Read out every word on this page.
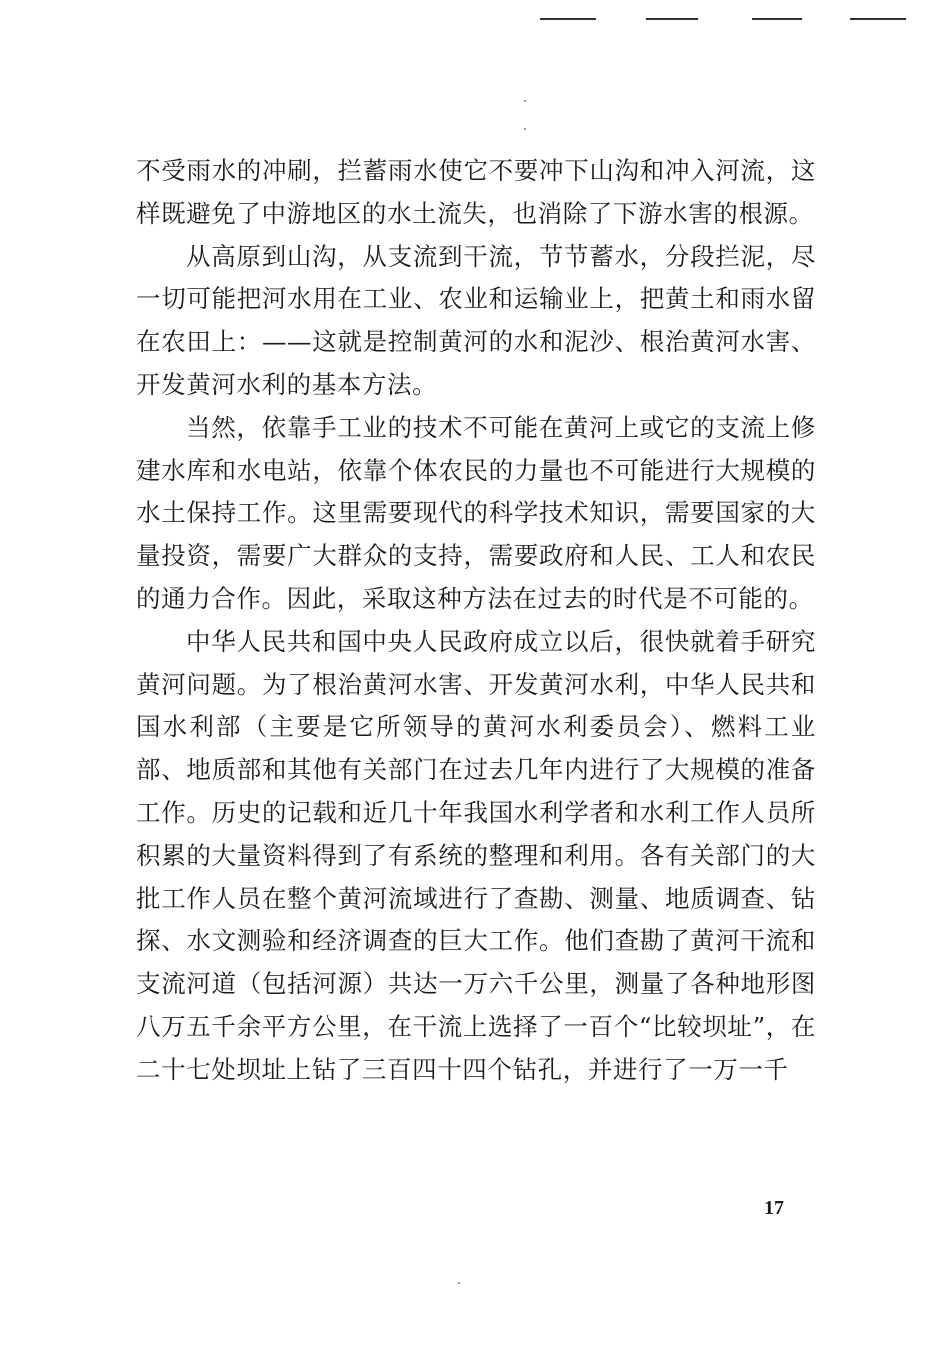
不受雨水的冲刷，拦蓄雨水使它不要冲下山沟和冲入河流，这样既避免了中游地区的水土流失，也消除了下游水害的根源。

从高原到山沟，从支流到干流，节节蓄水，分段拦泥，尽一切可能把河水用在工业、农业和运输业上，把黄土和雨水留在农田上：——这就是控制黄河的水和泥沙、根治黄河水害、开发黄河水利的基本方法。

当然，依靠手工业的技术不可能在黄河上或它的支流上修建水库和水电站，依靠个体农民的力量也不可能进行大规模的水土保持工作。这里需要现代的科学技术知识，需要国家的大量投资，需要广大群众的支持，需要政府和人民、工人和农民的通力合作。因此，采取这种方法在过去的时代是不可能的。

中华人民共和国中央人民政府成立以后，很快就着手研究黄河问题。为了根治黄河水害、开发黄河水利，中华人民共和国水利部（主要是它所领导的黄河水利委员会）、燃料工业部、地质部和其他有关部门在过去几年内进行了大规模的准备工作。历史的记载和近几十年我国水利学者和水利工作人员所积累的大量资料得到了有系统的整理和利用。各有关部门的大批工作人员在整个黄河流域进行了查勘、测量、地质调查、钻探、水文测验和经济调查的巨大工作。他们查勘了黄河干流和支流河道（包括河源）共达一万六千公里，测量了各种地形图八万五千余平方公里，在干流上选择了一百个“比较坝址”，在二十七处坝址上钻了三百四十四个钻孔，并进行了一万一千

17
